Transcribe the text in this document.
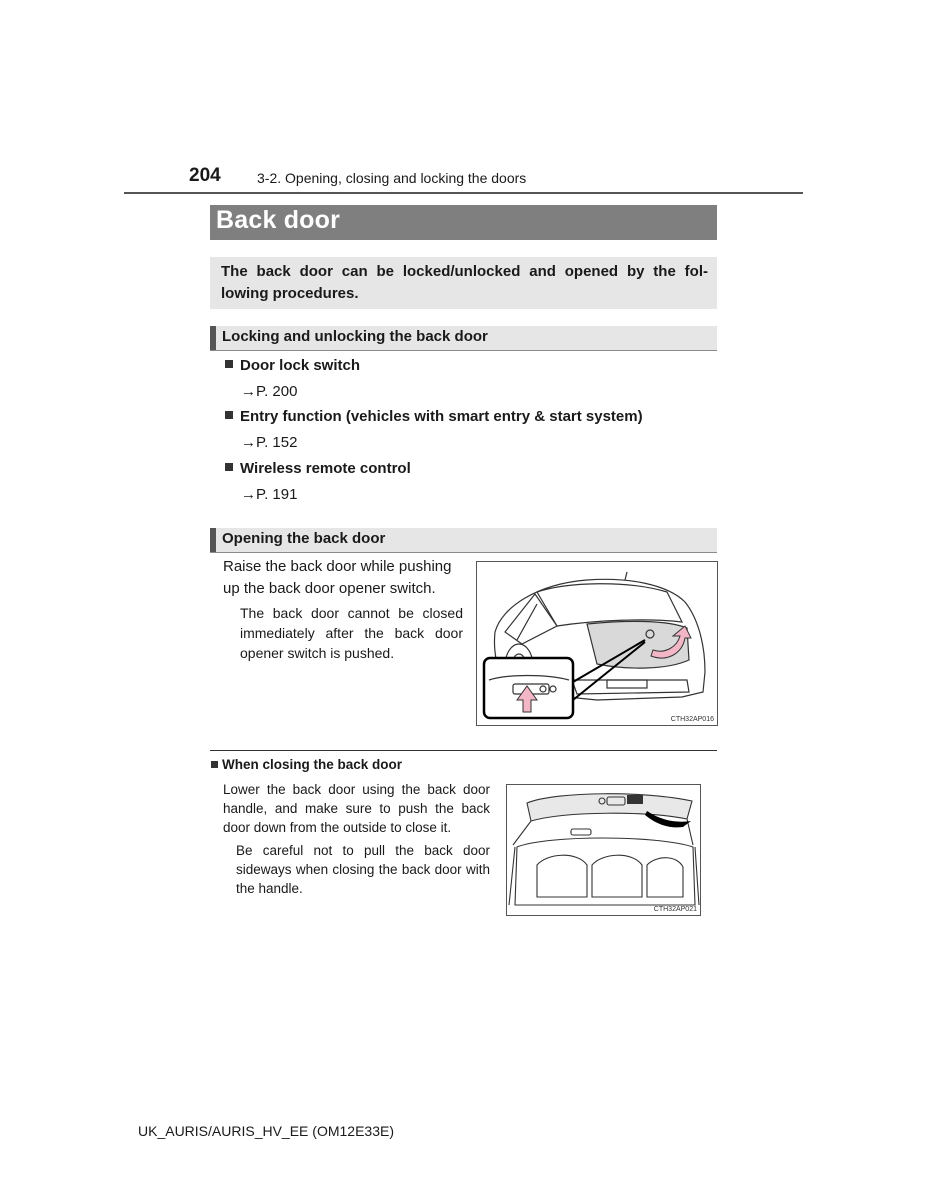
204	3-2. Opening, closing and locking the doors
Back door
The back door can be locked/unlocked and opened by the fol-lowing procedures.
Locking and unlocking the back door
Door lock switch
→P. 200
Entry function (vehicles with smart entry & start system)
→P. 152
Wireless remote control
→P. 191
Opening the back door
Raise the back door while pushing up the back door opener switch.
The back door cannot be closed immediately after the back door opener switch is pushed.
CTH32AP016
When closing the back door
Lower the back door using the back door handle, and make sure to push the back door down from the outside to close it.
Be careful not to pull the back door sideways when closing the back door with the handle.
CTH32AP021
UK_AURIS/AURIS_HV_EE (OM12E33E)
